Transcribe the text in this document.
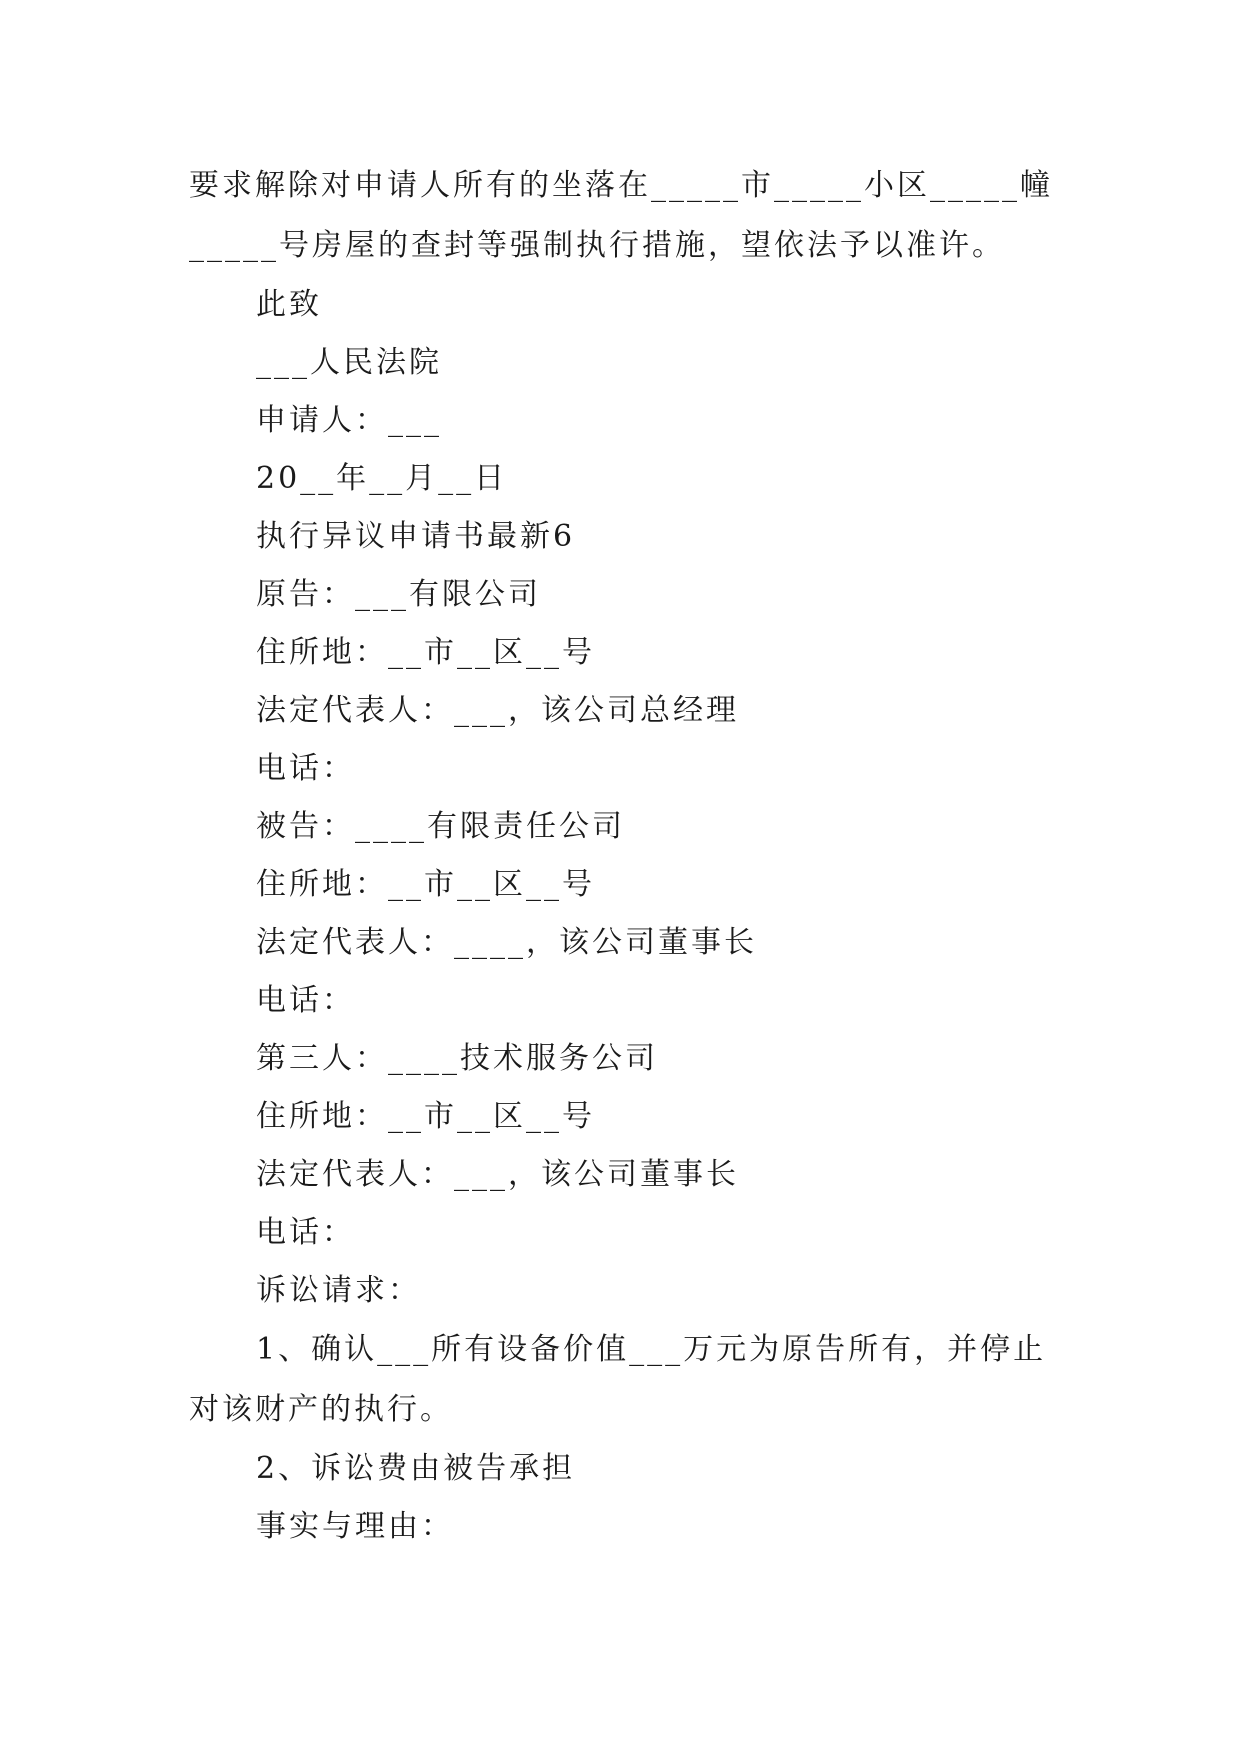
要求解除对申请人所有的坐落在_____市_____小区_____幢_____号房屋的查封等强制执行措施，望依法予以准许。

此致

___人民法院

申请人：___

20__年__月__日

执行异议申请书最新6

原告：___有限公司

住所地：__市__区__号

法定代表人：___，该公司总经理

电话：

被告：____有限责任公司

住所地：__市__区__号

法定代表人：____，该公司董事长

电话：

第三人：____技术服务公司

住所地：__市__区__号

法定代表人：___，该公司董事长

电话：

诉讼请求：

1、确认___所有设备价值___万元为原告所有，并停止对该财产的执行。

2、诉讼费由被告承担

事实与理由：
